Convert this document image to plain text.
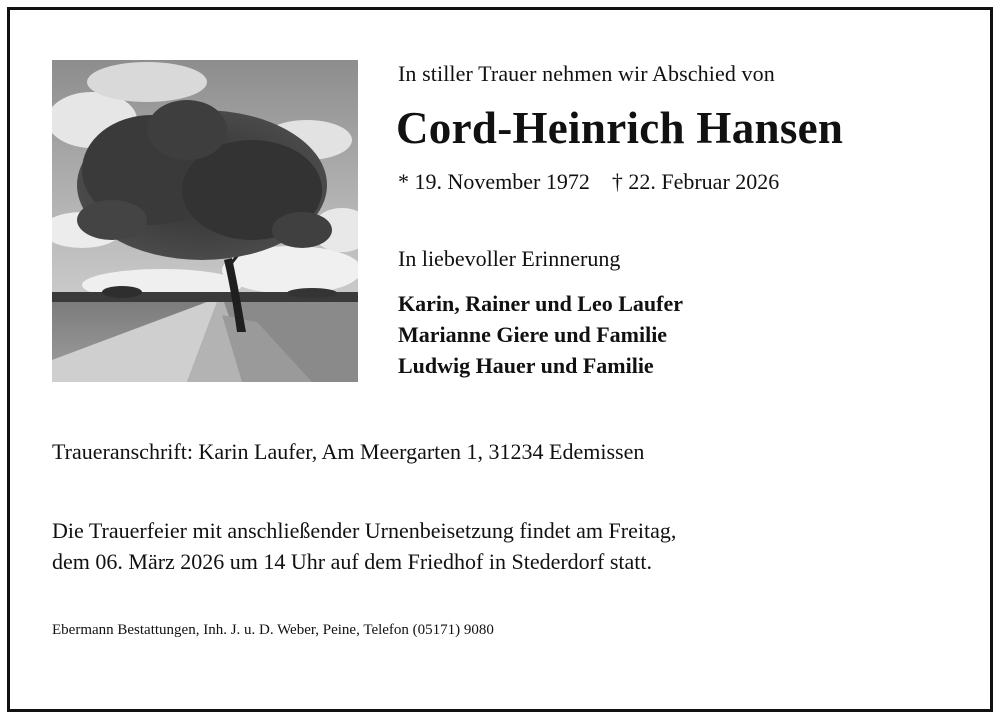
In stiller Trauer nehmen wir Abschied von
Cord-Heinrich Hansen
* 19. November 1972 † 22. Februar 2026
In liebevoller Erinnerung
Karin, Rainer und Leo Laufer
Marianne Giere und Familie
Ludwig Hauer und Familie
Traueranschrift: Karin Laufer, Am Meergarten 1, 31234 Edemissen
Die Trauerfeier mit anschließender Urnenbeisetzung findet am Freitag,
dem 06. März 2026 um 14 Uhr auf dem Friedhof in Stederdorf statt.
Ebermann Bestattungen, Inh. J. u. D. Weber, Peine, Telefon (05171) 9080
